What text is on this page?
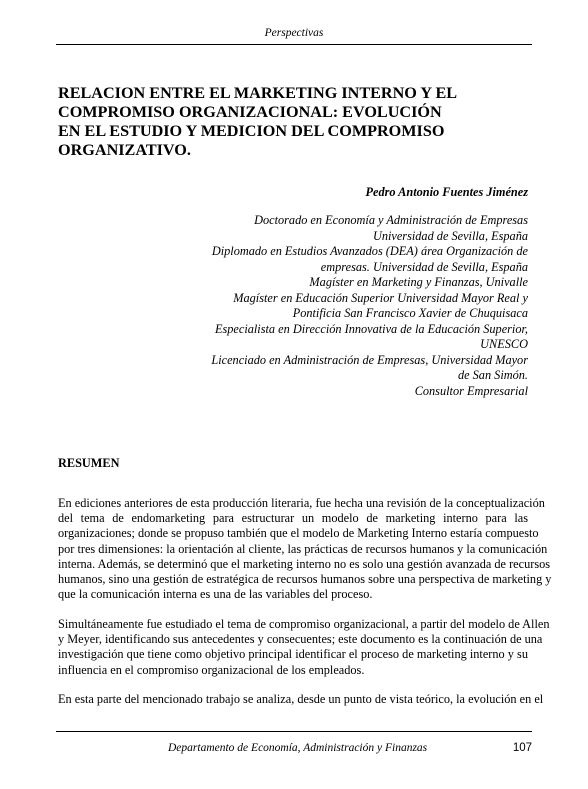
Perspectivas
RELACION ENTRE EL MARKETING INTERNO Y EL
COMPROMISO ORGANIZACIONAL: EVOLUCIÓN
EN EL ESTUDIO Y MEDICION DEL COMPROMISO
ORGANIZATIVO.
Pedro Antonio Fuentes Jiménez
Doctorado en Economía y Administración de Empresas
Universidad de Sevilla, España
Diplomado en Estudios Avanzados (DEA) área Organización de
empresas. Universidad de Sevilla, España
Magíster en Marketing y Finanzas, Univalle
Magíster en Educación Superior Universidad Mayor Real y
Pontificia San Francisco Xavier de Chuquisaca
Especialista en Dirección Innovativa de la Educación Superior,
UNESCO
Licenciado en Administración de Empresas, Universidad Mayor
de San Simón.
Consultor Empresarial
RESUMEN
En ediciones anteriores de esta producción literaria, fue hecha una revisión de la conceptualización
del tema de endomarketing para estructurar un modelo de marketing interno para las
organizaciones; donde se propuso también que el modelo de Marketing Interno estaría compuesto
por tres dimensiones: la orientación al cliente, las prácticas de recursos humanos y la comunicación
interna. Además, se determinó que el marketing interno no es solo una gestión avanzada de recursos
humanos, sino una gestión de estratégica de recursos humanos sobre una perspectiva de marketing y
que la comunicación interna es una de las variables del proceso.
Simultáneamente fue estudiado el tema de compromiso organizacional, a partir del modelo de Allen
y Meyer, identificando sus antecedentes y consecuentes; este documento es la continuación de una
investigación que tiene como objetivo principal identificar el proceso de marketing interno y su
influencia en el compromiso organizacional de los empleados.
En esta parte del mencionado trabajo se analiza, desde un punto de vista teórico, la evolución en el
Departamento de Economía, Administración y Finanzas	107
